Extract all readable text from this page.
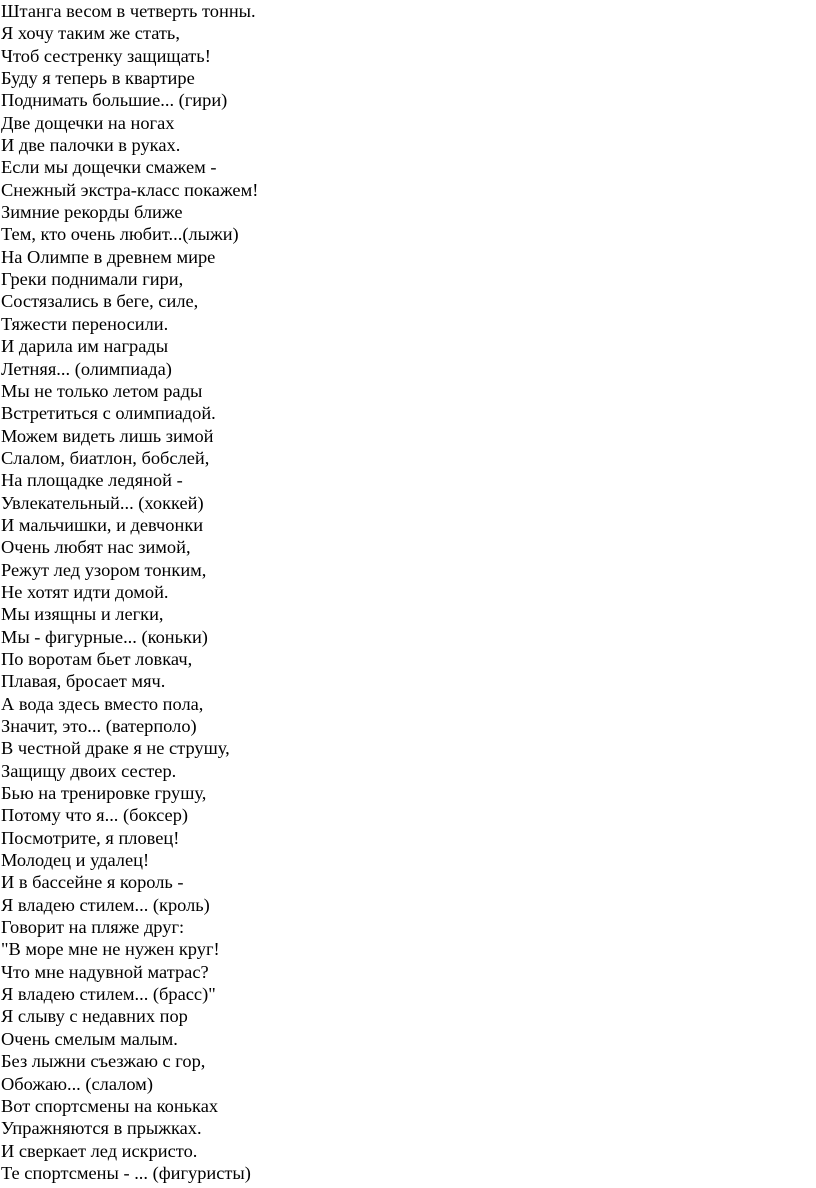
Штанга весом в четверть тонны.
Я хочу таким же стать,
Чтоб сестренку защищать!
Буду я теперь в квартире
Поднимать большие... (гири)
Две дощечки на ногах
И две палочки в руках.
Если мы дощечки смажем -
Снежный экстра-класс покажем!
Зимние рекорды ближе
Тем, кто очень любит...(лыжи)
На Олимпе в древнем мире
Греки поднимали гири,
Состязались в беге, силе,
Тяжести переносили.
И дарила им награды
Летняя... (олимпиада)
Мы не только летом рады
Встретиться с олимпиадой.
Можем видеть лишь зимой
Слалом, биатлон, бобслей,
На площадке ледяной -
Увлекательный... (хоккей)
И мальчишки, и девчонки
Очень любят нас зимой,
Режут лед узором тонким,
Не хотят идти домой.
Мы изящны и легки,
Мы - фигурные... (коньки)
По воротам бьет ловкач,
Плавая, бросает мяч.
А вода здесь вместо пола,
Значит, это... (ватерполо)
В честной драке я не струшу,
Защищу двоих сестер.
Бью на тренировке грушу,
Потому что я... (боксер)
Посмотрите, я пловец!
Молодец и удалец!
И в бассейне я король -
Я владею стилем... (кроль)
Говорит на пляже друг:
"В море мне не нужен круг!
Что мне надувной матрас?
Я владею стилем... (брасс)"
Я слыву с недавних пор
Очень смелым малым.
Без лыжни съезжаю с гор,
Обожаю... (слалом)
Вот спортсмены на коньках
Упражняются в прыжках.
И сверкает лед искристо.
Те спортсмены - ... (фигуристы)
